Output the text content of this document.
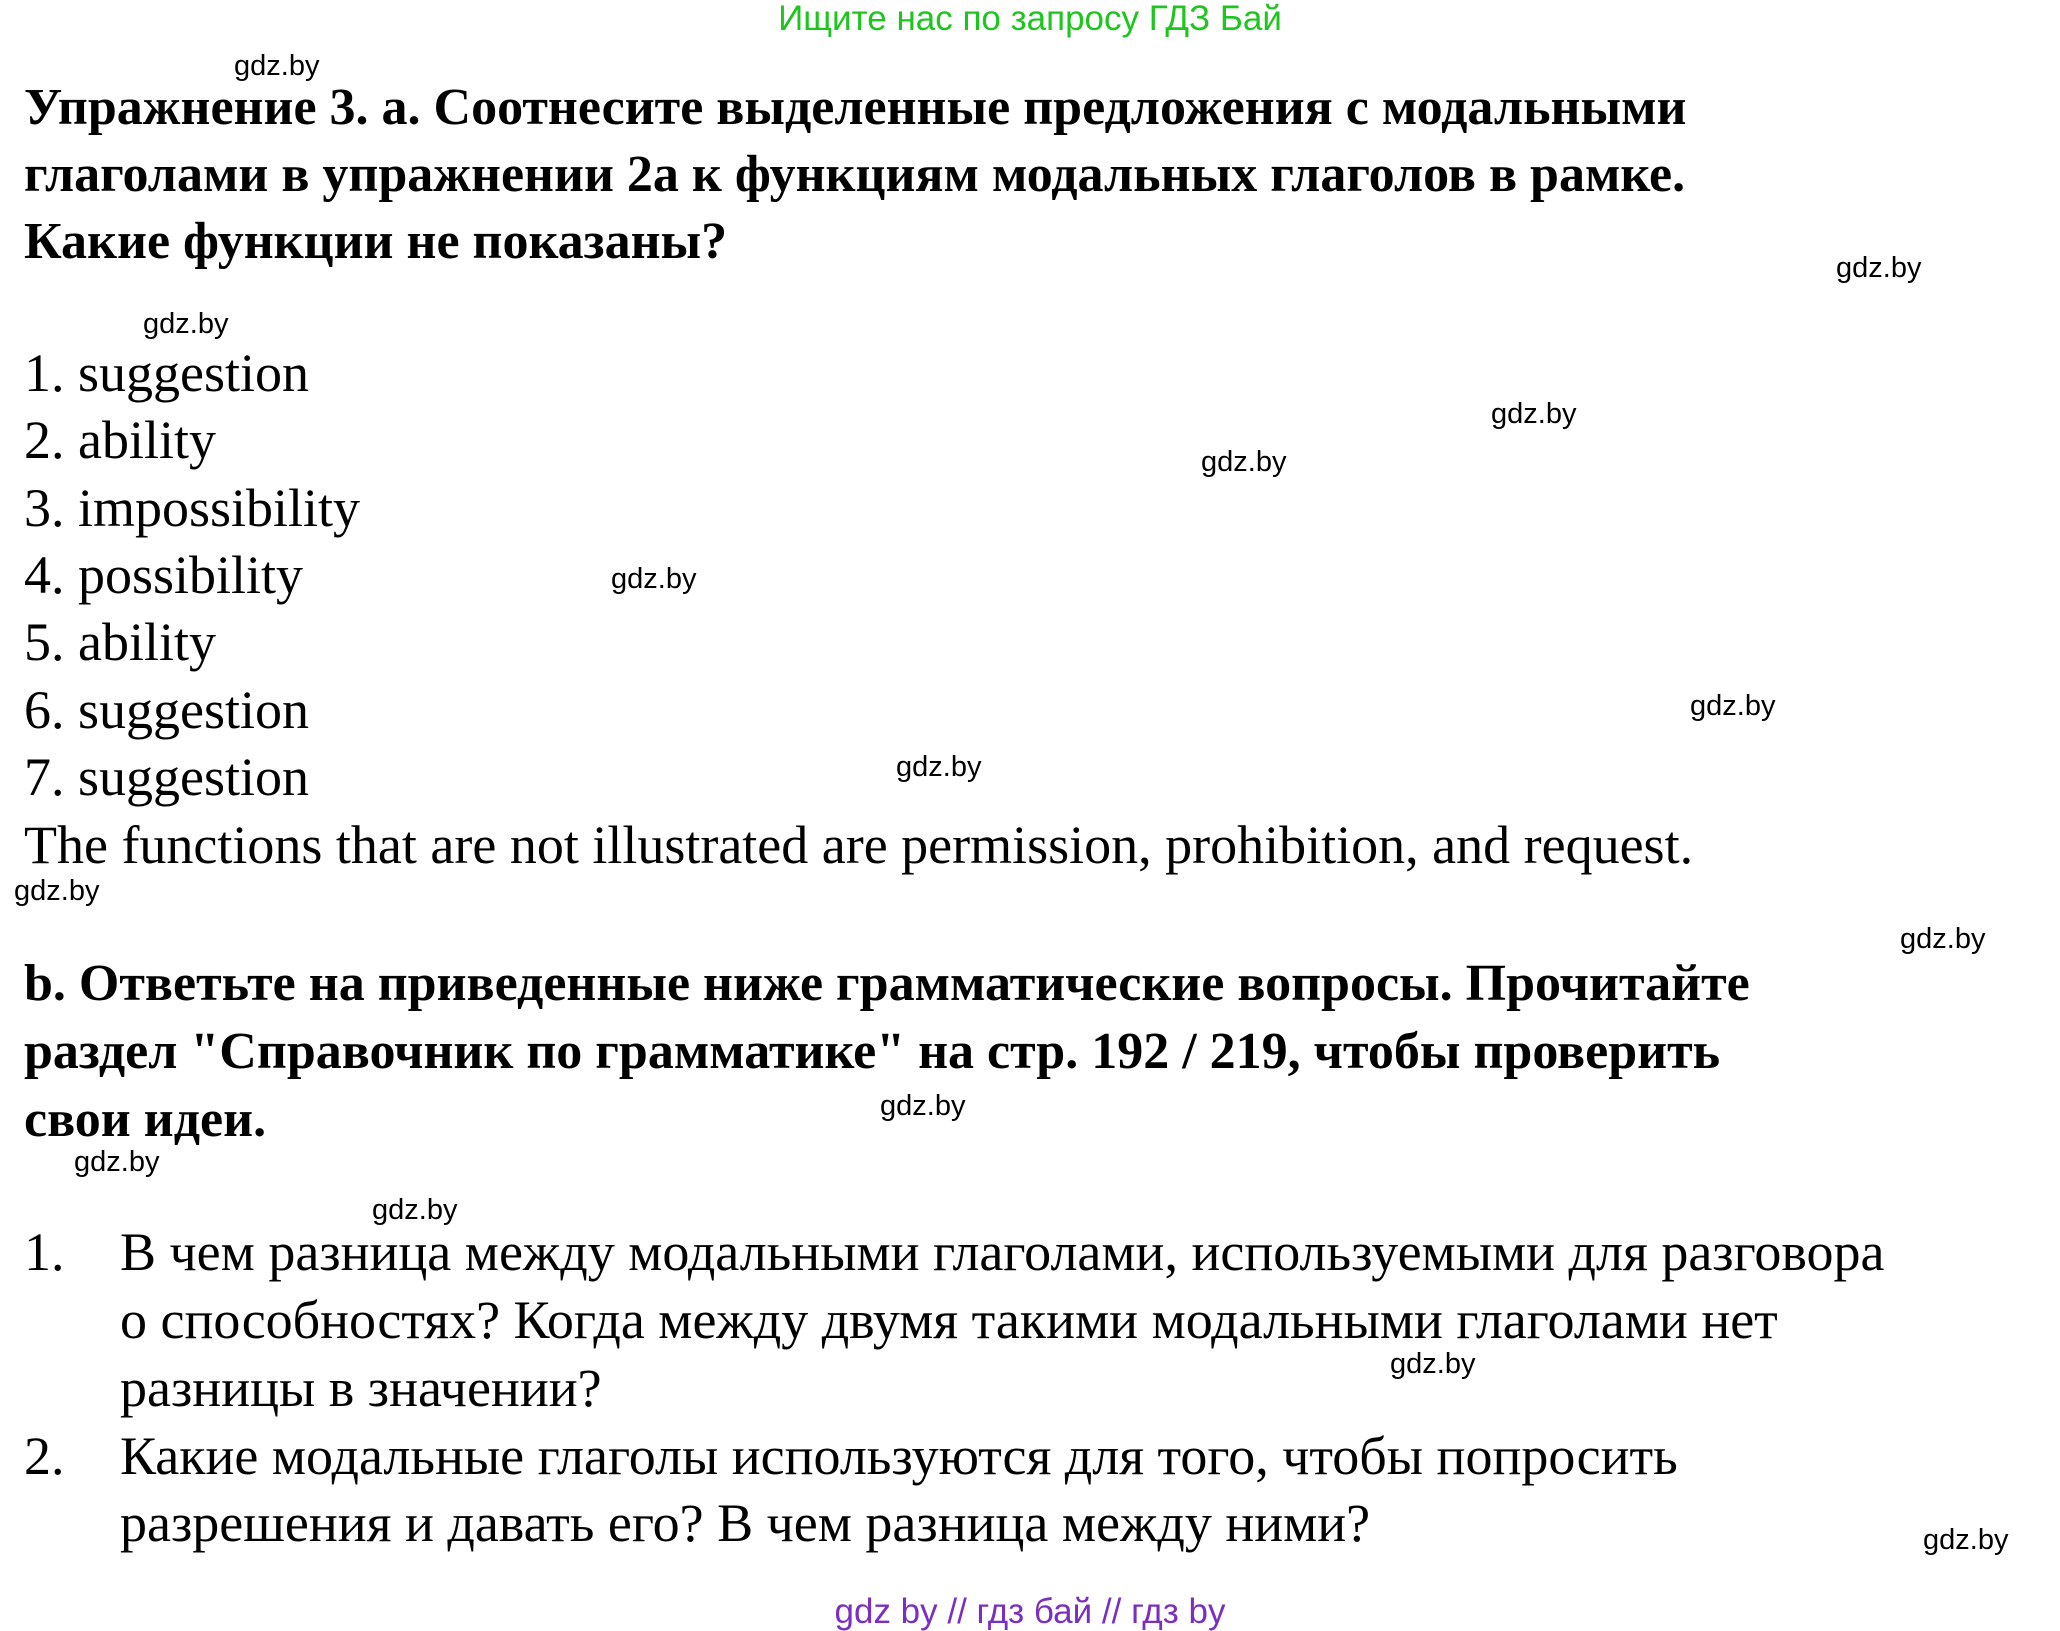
Ищите нас по запросу ГДЗ Бай
Упражнение 3. а. Соотнесите выделенные предложения с модальными
глаголами в упражнении 2а к функциям модальных глаголов в рамке.
Какие функции не показаны?
1. suggestion
2. ability
3. impossibility
4. possibility
5. ability
6. suggestion
7. suggestion
The functions that are not illustrated are permission, prohibition, and request.
b. Ответьте на приведенные ниже грамматические вопросы. Прочитайте
раздел "Справочник по грамматике" на стр. 192 / 219, чтобы проверить
свои идеи.
1. В чем разница между модальными глаголами, используемыми для разговора
о способностях? Когда между двумя такими модальными глаголами нет
разницы в значении?
2. Какие модальные глаголы используются для того, чтобы попросить
разрешения и давать его? В чем разница между ними?
gdz.by
gdz.by
gdz.by
gdz.by
gdz.by
gdz.by
gdz.by
gdz.by
gdz.by
gdz.by
gdz.by
gdz.by
gdz.by
gdz.by
gdz.by
gdz by // гдз бай // гдз by
